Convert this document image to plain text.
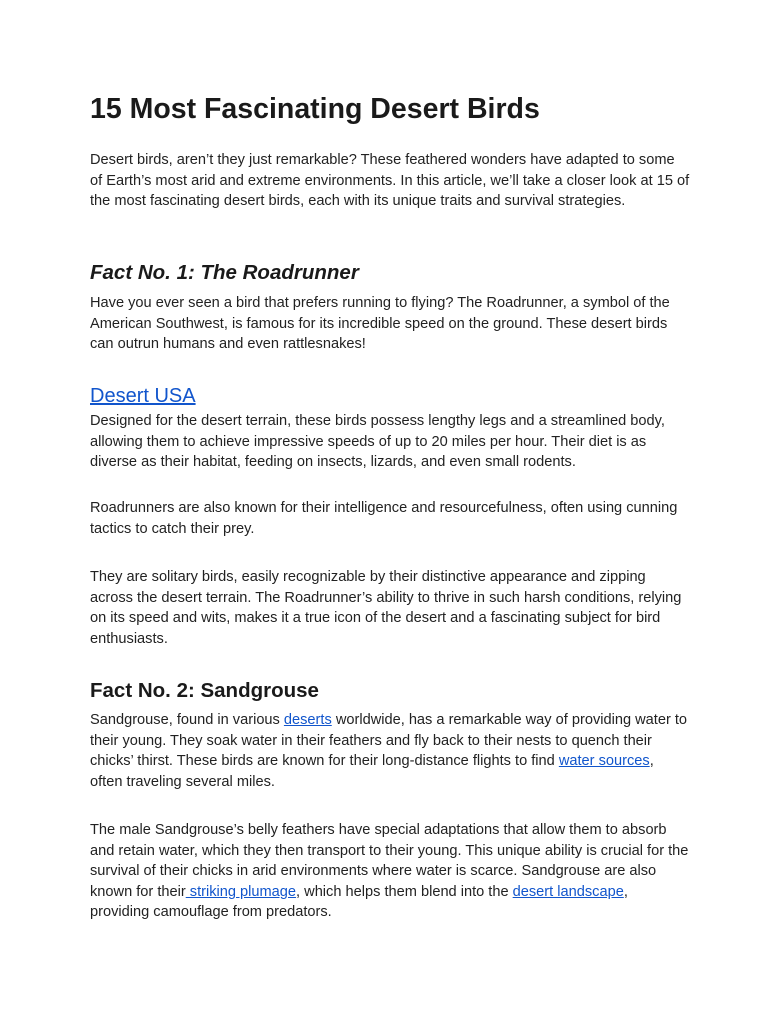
15 Most Fascinating Desert Birds

Desert birds, aren’t they just remarkable? These feathered wonders have adapted to some of Earth’s most arid and extreme environments. In this article, we’ll take a closer look at 15 of the most fascinating desert birds, each with its unique traits and survival strategies.

Fact No. 1: The Roadrunner

Have you ever seen a bird that prefers running to flying? The Roadrunner, a symbol of the American Southwest, is famous for its incredible speed on the ground. These desert birds can outrun humans and even rattlesnakes!

Desert USA

Designed for the desert terrain, these birds possess lengthy legs and a streamlined body, allowing them to achieve impressive speeds of up to 20 miles per hour. Their diet is as diverse as their habitat, feeding on insects, lizards, and even small rodents.

Roadrunners are also known for their intelligence and resourcefulness, often using cunning tactics to catch their prey.

They are solitary birds, easily recognizable by their distinctive appearance and zipping across the desert terrain. The Roadrunner’s ability to thrive in such harsh conditions, relying on its speed and wits, makes it a true icon of the desert and a fascinating subject for bird enthusiasts.

Fact No. 2: Sandgrouse

Sandgrouse, found in various deserts worldwide, has a remarkable way of providing water to their young. They soak water in their feathers and fly back to their nests to quench their chicks’ thirst. These birds are known for their long-distance flights to find water sources, often traveling several miles.

The male Sandgrouse’s belly feathers have special adaptations that allow them to absorb and retain water, which they then transport to their young. This unique ability is crucial for the survival of their chicks in arid environments where water is scarce. Sandgrouse are also known for their striking plumage, which helps them blend into the desert landscape, providing camouflage from predators.
